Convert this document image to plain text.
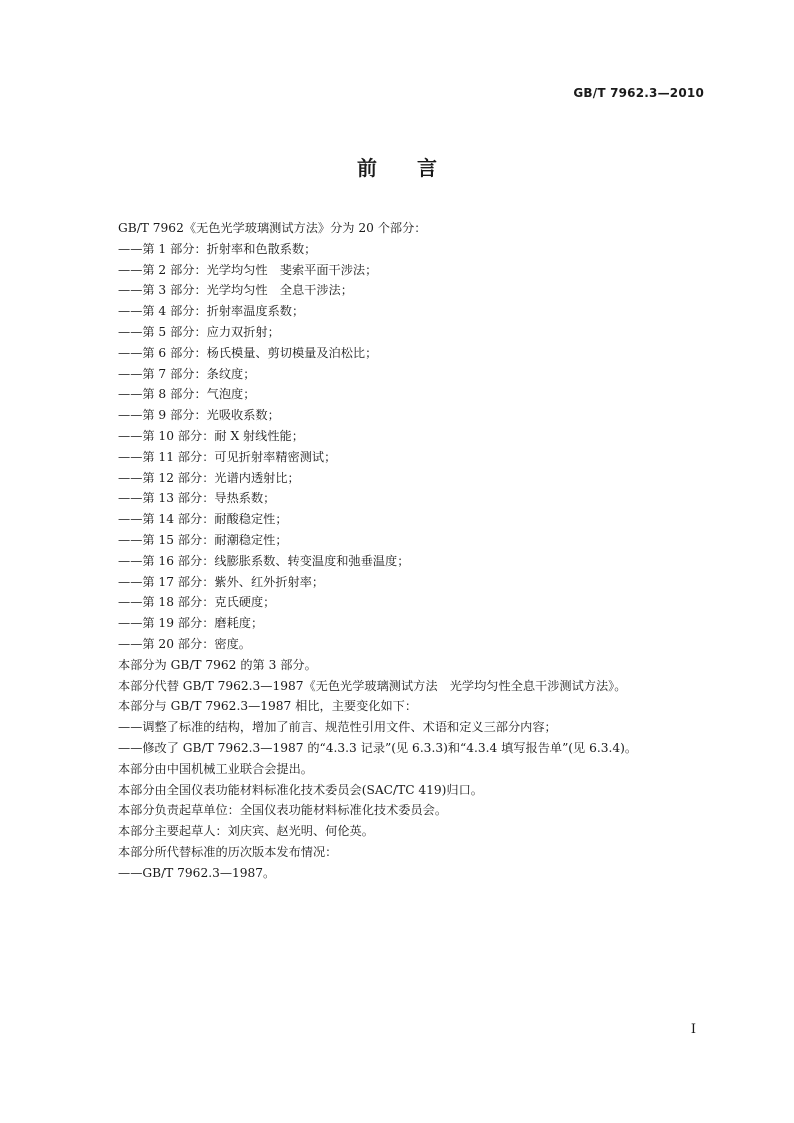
GB/T 7962.3—2010
前　　言
GB/T 7962《无色光学玻璃测试方法》分为 20 个部分：
——第 1 部分：折射率和色散系数；
——第 2 部分：光学均匀性　斐索平面干涉法；
——第 3 部分：光学均匀性　全息干涉法；
——第 4 部分：折射率温度系数；
——第 5 部分：应力双折射；
——第 6 部分：杨氏模量、剪切模量及泊松比；
——第 7 部分：条纹度；
——第 8 部分：气泡度；
——第 9 部分：光吸收系数；
——第 10 部分：耐 X 射线性能；
——第 11 部分：可见折射率精密测试；
——第 12 部分：光谱内透射比；
——第 13 部分：导热系数；
——第 14 部分：耐酸稳定性；
——第 15 部分：耐潮稳定性；
——第 16 部分：线膨胀系数、转变温度和弛垂温度；
——第 17 部分：紫外、红外折射率；
——第 18 部分：克氏硬度；
——第 19 部分：磨耗度；
——第 20 部分：密度。
本部分为 GB/T 7962 的第 3 部分。
本部分代替 GB/T 7962.3—1987《无色光学玻璃测试方法　光学均匀性全息干涉测试方法》。
本部分与 GB/T 7962.3—1987 相比，主要变化如下：
——调整了标准的结构，增加了前言、规范性引用文件、术语和定义三部分内容；
——修改了 GB/T 7962.3—1987 的“4.3.3 记录”(见 6.3.3)和“4.3.4 填写报告单”(见 6.3.4)。
本部分由中国机械工业联合会提出。
本部分由全国仪表功能材料标准化技术委员会(SAC/TC 419)归口。
本部分负责起草单位：全国仪表功能材料标准化技术委员会。
本部分主要起草人：刘庆宾、赵光明、何伦英。
本部分所代替标准的历次版本发布情况：
——GB/T 7962.3—1987。
I
